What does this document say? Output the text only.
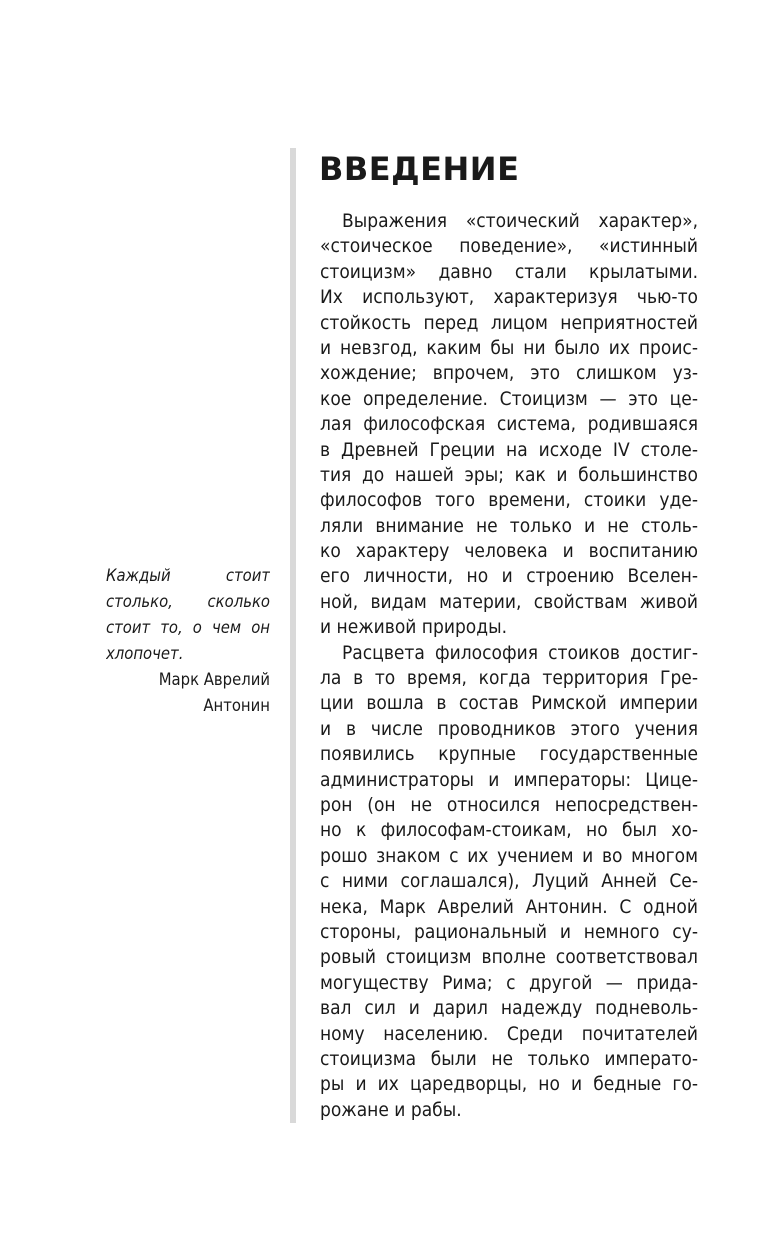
ВВЕДЕНИЕ
Каждый стоит
столько, сколько
стоит то, о чем он
хлопочет.
Марк Аврелий
Антонин
Выражения «стоический характер»,
«стоическое поведение», «истинный
стоицизм» давно стали крылатыми.
Их используют, характеризуя чью-то
стойкость перед лицом неприятностей
и невзгод, каким бы ни было их проис-
хождение; впрочем, это слишком уз-
кое определение. Стоицизм — это це-
лая философская система, родившаяся
в Древней Греции на исходе IV столе-
тия до нашей эры; как и большинство
философов того времени, стоики уде-
ляли внимание не только и не столь-
ко характеру человека и воспитанию
его личности, но и строению Вселен-
ной, видам материи, свойствам живой
и неживой природы.
Расцвета философия стоиков достиг-
ла в то время, когда территория Гре-
ции вошла в состав Римской империи
и в числе проводников этого учения
появились крупные государственные
администраторы и императоры: Цице-
рон (он не относился непосредствен-
но к философам-стоикам, но был хо-
рошо знаком с их учением и во многом
с ними соглашался), Луций Анней Се-
нека, Марк Аврелий Антонин. С одной
стороны, рациональный и немного су-
ровый стоицизм вполне соответствовал
могуществу Рима; с другой — прида-
вал сил и дарил надежду подневоль-
ному населению. Среди почитателей
стоицизма были не только императо-
ры и их царедворцы, но и бедные го-
рожане и рабы.
